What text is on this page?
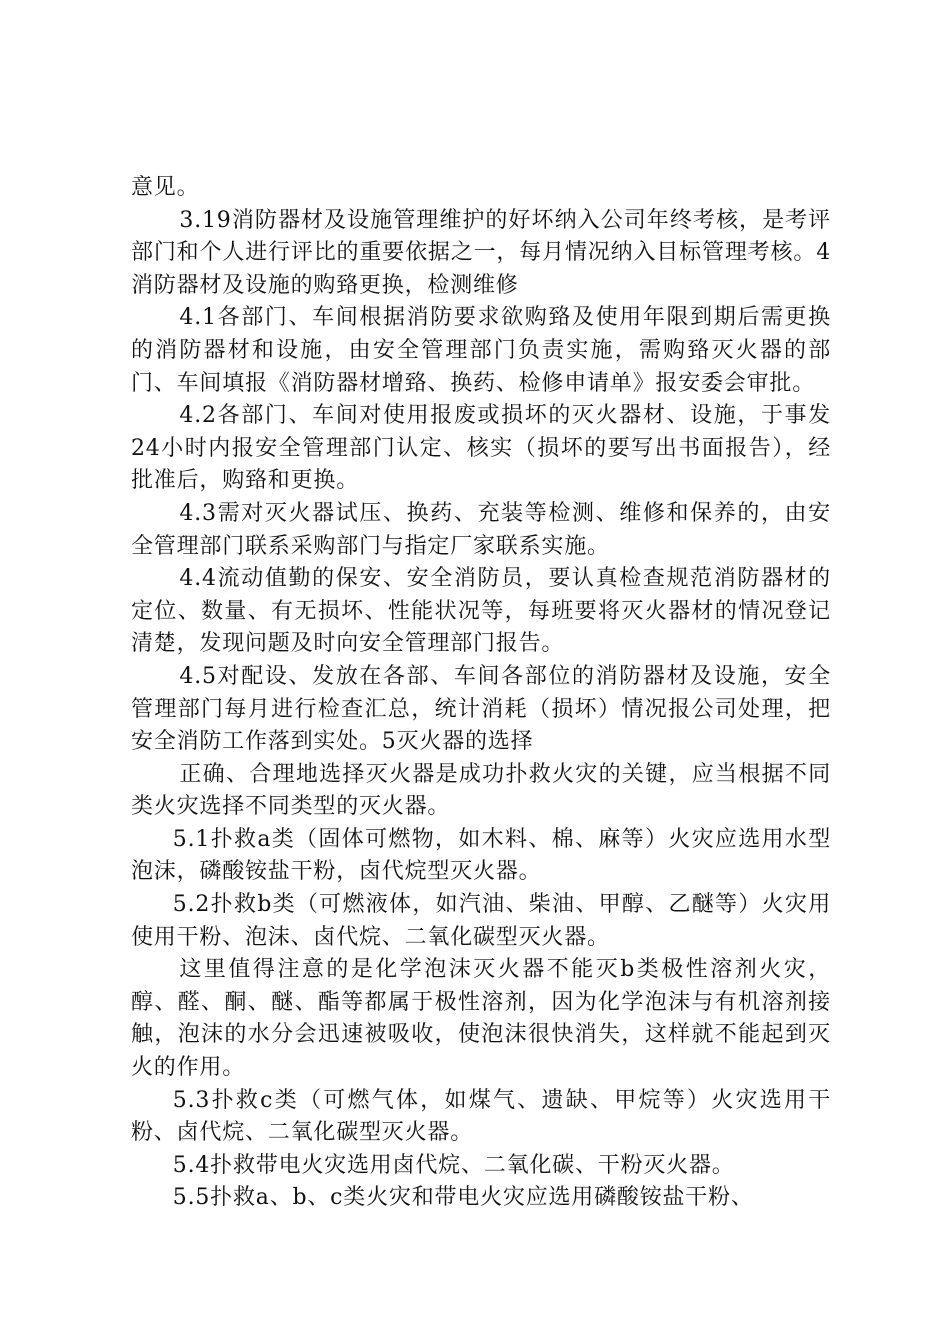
意见。

3.19消防器材及设施管理维护的好坏纳入公司年终考核，是考评部门和个人进行评比的重要依据之一，每月情况纳入目标管理考核。4消防器材及设施的购臵更换，检测维修

4.1各部门、车间根据消防要求欲购臵及使用年限到期后需更换的消防器材和设施，由安全管理部门负责实施，需购臵灭火器的部门、车间填报《消防器材增臵、换药、检修申请单》报安委会审批。

4.2各部门、车间对使用报废或损坏的灭火器材、设施，于事发24小时内报安全管理部门认定、核实（损坏的要写出书面报告），经批准后，购臵和更换。

4.3需对灭火器试压、换药、充装等检测、维修和保养的，由安全管理部门联系采购部门与指定厂家联系实施。

4.4流动值勤的保安、安全消防员，要认真检查规范消防器材的定位、数量、有无损坏、性能状况等，每班要将灭火器材的情况登记清楚，发现问题及时向安全管理部门报告。

4.5对配设、发放在各部、车间各部位的消防器材及设施，安全管理部门每月进行检查汇总，统计消耗（损坏）情况报公司处理，把安全消防工作落到实处。5灭火器的选择

正确、合理地选择灭火器是成功扑救火灾的关键，应当根据不同类火灾选择不同类型的灭火器。

5.1扑救a类（固体可燃物，如木料、棉、麻等）火灾应选用水型泡沫，磷酸铵盐干粉，卤代烷型灭火器。

5.2扑救b类（可燃液体，如汽油、柴油、甲醇、乙醚等）火灾用使用干粉、泡沫、卤代烷、二氧化碳型灭火器。

这里值得注意的是化学泡沫灭火器不能灭b类极性溶剂火灾，醇、醛、酮、醚、酯等都属于极性溶剂，因为化学泡沫与有机溶剂接触，泡沫的水分会迅速被吸收，使泡沫很快消失，这样就不能起到灭火的作用。

5.3扑救c类（可燃气体，如煤气、遗缺、甲烷等）火灾选用干粉、卤代烷、二氧化碳型灭火器。

5.4扑救带电火灾选用卤代烷、二氧化碳、干粉灭火器。

5.5扑救a、b、c类火灾和带电火灾应选用磷酸铵盐干粉、
